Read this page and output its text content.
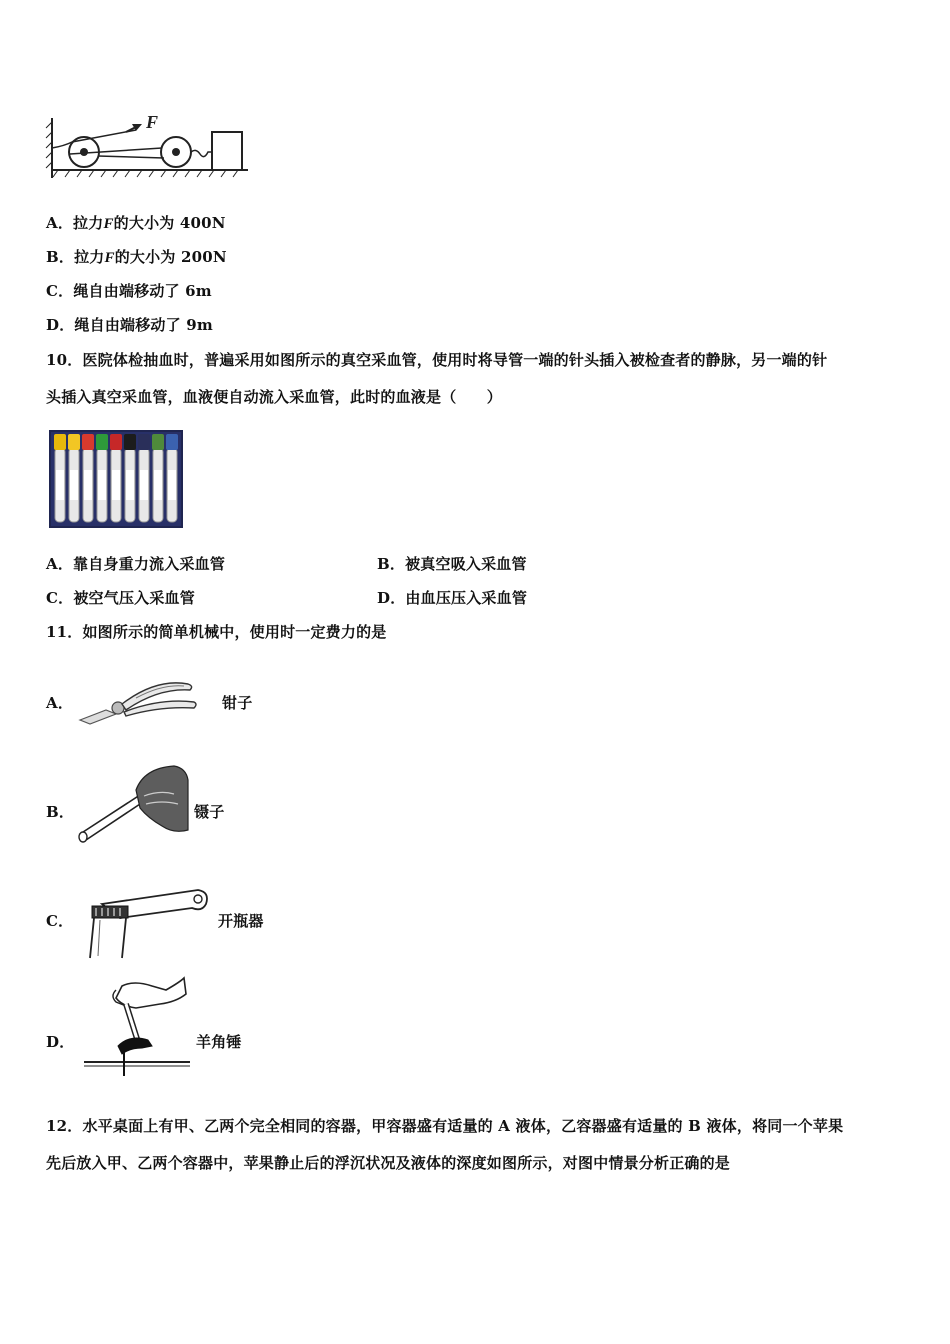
F
A．拉力F的大小为 400N
B．拉力F的大小为 200N
C．绳自由端移动了 6m
D．绳自由端移动了 9m
10．医院体检抽血时，普遍采用如图所示的真空采血管，使用时将导管一端的针头插入被检查者的静脉，另一端的针
头插入真空采血管，血液便自动流入采血管，此时的血液是（　　）
A．靠自身重力流入采血管	B．被真空吸入采血管
C．被空气压入采血管	D．由血压压入采血管
11．如图所示的简单机械中，使用时一定费力的是
A．	钳子
B．	镊子
C．	开瓶器
D．	羊角锤
12．水平桌面上有甲、乙两个完全相同的容器，甲容器盛有适量的 A 液体，乙容器盛有适量的 B 液体，将同一个苹果
先后放入甲、乙两个容器中，苹果静止后的浮沉状况及液体的深度如图所示，对图中情景分析正确的是
